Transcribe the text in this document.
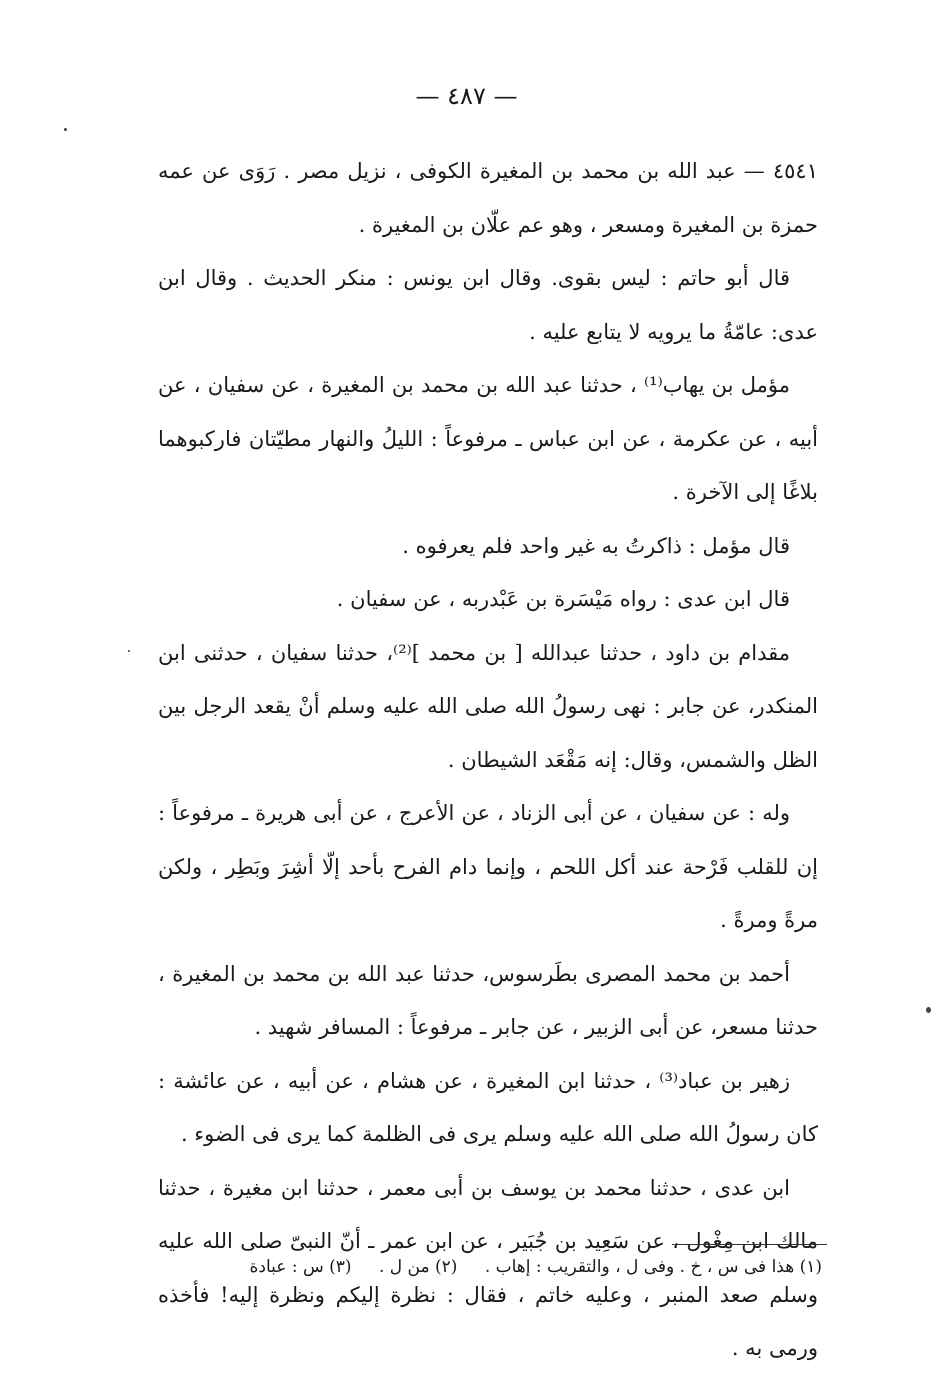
— ٤٨٧ —

٤٥٤١ — عبد الله بن محمد بن المغيرة الكوفى ، نزيل مصر . رَوَى عن عمه حمزة بن المغيرة ومسعر ، وهو عم علّان بن المغيرة .

قال أبو حاتم : ليس بقوى. وقال ابن يونس : منكر الحديث . وقال ابن عدى: عامّةُ ما يرويه لا يتابع عليه .

مؤمل بن يهاب⁽¹⁾ ، حدثنا عبد الله بن محمد بن المغيرة ، عن سفيان ، عن أبيه ، عن عكرمة ، عن ابن عباس ـ مرفوعاً : الليلُ والنهار مطيّتان فاركبوهما بلاغًا إلى الآخرة .

قال مؤمل : ذاكرتُ به غير واحد فلم يعرفوه .

قال ابن عدى : رواه مَيْسَرة بن عَبْدربه ، عن سفيان .

مقدام بن داود ، حدثنا عبدالله [ بن محمد ]⁽²⁾، حدثنا سفيان ، حدثنى ابن المنكدر، عن جابر : نهى رسولُ الله صلى الله عليه وسلم أنْ يقعد الرجل بين الظل والشمس، وقال: إنه مَقْعَد الشيطان .

وله : عن سفيان ، عن أبى الزناد ، عن الأعرج ، عن أبى هريرة ـ مرفوعاً : إن للقلب فَرْحة عند أكل اللحم ، وإنما دام الفرح بأحد إلّا أشِرَ وبَطِر ، ولكن مرةً ومرةً .

أحمد بن محمد المصرى بطَرسوس، حدثنا عبد الله بن محمد بن المغيرة ، حدثنا مسعر، عن أبى الزبير ، عن جابر ـ مرفوعاً : المسافر شهيد .

زهير بن عباد⁽³⁾ ، حدثنا ابن المغيرة ، عن هشام ، عن أبيه ، عن عائشة : كان رسولُ الله صلى الله عليه وسلم يرى فى الظلمة كما يرى فى الضوء .

ابن عدى ، حدثنا محمد بن يوسف بن أبى معمر ، حدثنا ابن مغيرة ، حدثنا مالك ابن مِغْول ، عن سَعِيد بن جُبَير ، عن ابن عمر ـ أنّ النبىّ صلى الله عليه وسلم صعد المنبر ، وعليه خاتم ، فقال : نظرة إليكم ونظرة إليه! فأخذه ورمى به .

(١) هذا فى س ، خ . وفى ل ، والتقريب : إهاب . (٢) من ل . (٣) س : عبادة
